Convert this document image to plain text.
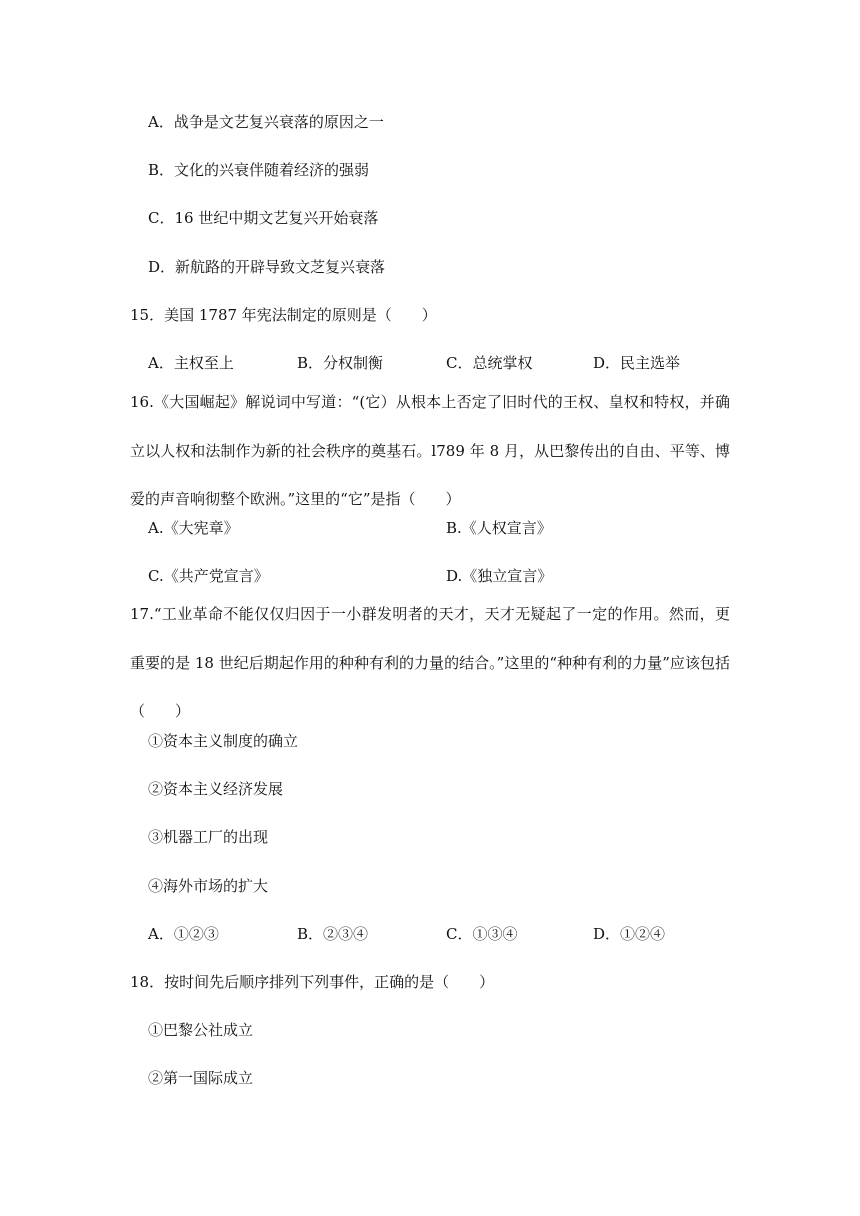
A．战争是文艺复兴衰落的原因之一
B．文化的兴衰伴随着经济的强弱
C．16 世纪中期文艺复兴开始衰落
D．新航路的开辟导致文芝复兴衰落
15．美国 1787 年宪法制定的原则是（　　）
A．主权至上	B．分权制衡	C．总统掌权	D．民主选举
16.《大国崛起》解说词中写道：“(它）从根本上否定了旧时代的王权、皇权和特权，并确立以人权和法制作为新的社会秩序的奠基石。l789 年 8 月，从巴黎传出的自由、平等、博爱的声音响彻整个欧洲。”这里的“它”是指（　　）
A.《大宪章》	B.《人权宣言》
C.《共产党宣言》	D.《独立宣言》
17.“工业革命不能仅仅归因于一小群发明者的天才，天才无疑起了一定的作用。然而，更重要的是 18 世纪后期起作用的种种有利的力量的结合。”这里的“种种有利的力量”应该包括（　　）
①资本主义制度的确立
②资本主义经济发展
③机器工厂的出现
④海外市场的扩大
A．①②③	B．②③④	C．①③④	D．①②④
18．按时间先后顺序排列下列事件，正确的是（　　）
①巴黎公社成立
②第一国际成立
